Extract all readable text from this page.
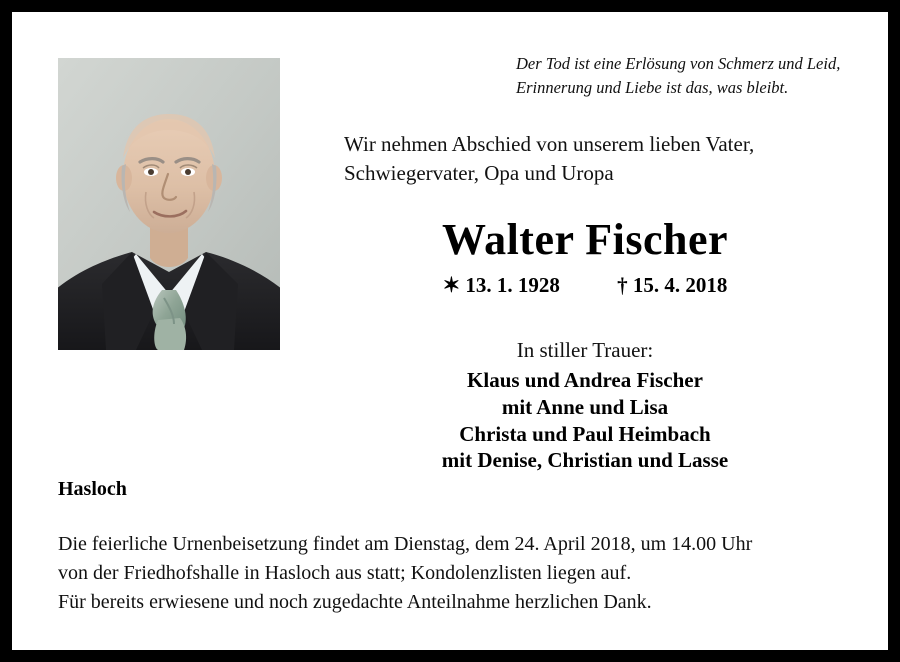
Der Tod ist eine Erlösung von Schmerz und Leid,
Erinnerung und Liebe ist das, was bleibt.
Wir nehmen Abschied von unserem lieben Vater,
Schwiegervater, Opa und Uropa
Walter Fischer
✶ 13. 1. 1928	† 15. 4. 2018
In stiller Trauer:
Klaus und Andrea Fischer
mit Anne und Lisa
Christa und Paul Heimbach
mit Denise, Christian und Lasse
Hasloch
Die feierliche Urnenbeisetzung findet am Dienstag, dem 24. April 2018, um 14.00 Uhr
von der Friedhofshalle in Hasloch aus statt; Kondolenzlisten liegen auf.
Für bereits erwiesene und noch zugedachte Anteilnahme herzlichen Dank.
